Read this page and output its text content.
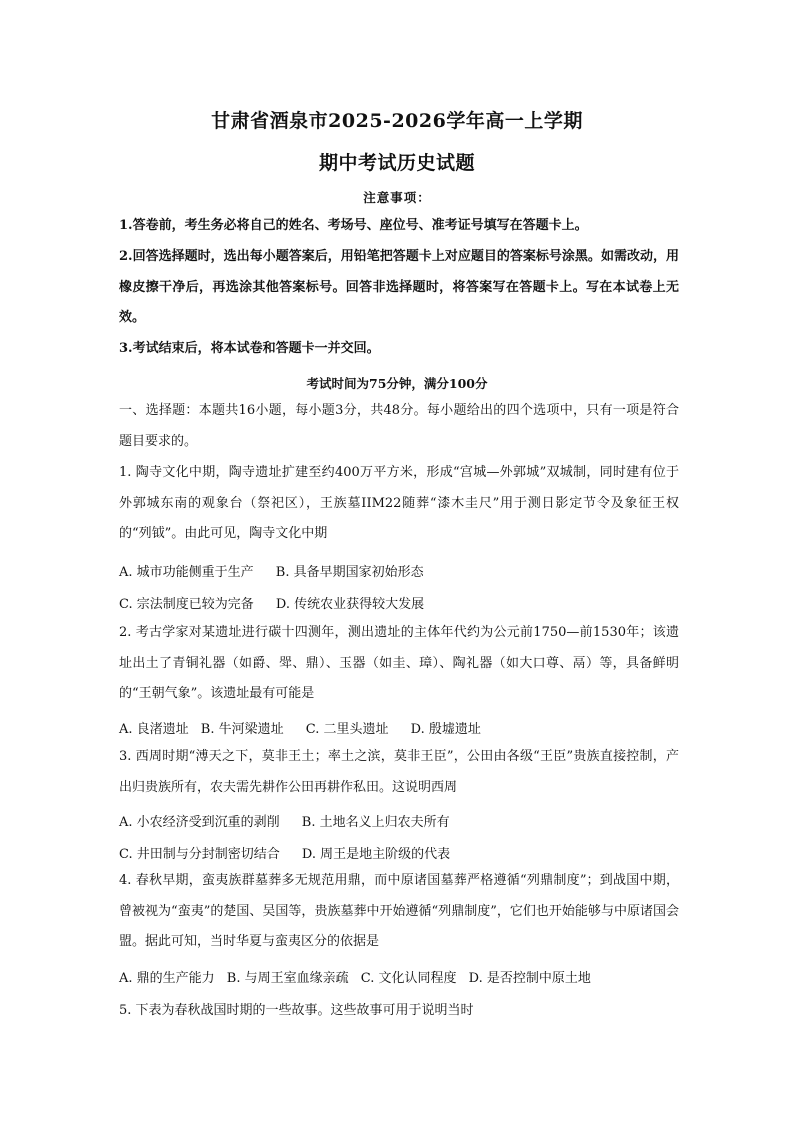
甘肃省酒泉市2025-2026学年高一上学期
期中考试历史试题
注意事项：
1.答卷前，考生务必将自己的姓名、考场号、座位号、准考证号填写在答题卡上。
2.回答选择题时，选出每小题答案后，用铅笔把答题卡上对应题目的答案标号涂黑。如需改动，用橡皮擦干净后，再选涂其他答案标号。回答非选择题时，将答案写在答题卡上。写在本试卷上无效。
3.考试结束后，将本试卷和答题卡一并交回。
考试时间为75分钟，满分100分
一、选择题：本题共16小题，每小题3分，共48分。每小题给出的四个选项中，只有一项是符合题目要求的。
1. 陶寺文化中期，陶寺遗址扩建至约400万平方米，形成“宫城—外郭城”双城制，同时建有位于外郭城东南的观象台（祭祀区），王族墓IIM22随葬“漆木圭尺”用于测日影定节令及象征王权的“列钺”。由此可见，陶寺文化中期
A. 城市功能侧重于生产 B. 具备早期国家初始形态
C. 宗法制度已较为完备 D. 传统农业获得较大发展
2. 考古学家对某遗址进行碳十四测年，测出遗址的主体年代约为公元前1750—前1530年；该遗址出土了青铜礼器（如爵、斝、鼎）、玉器（如圭、璋）、陶礼器（如大口尊、鬲）等，具备鲜明的“王朝气象”。该遗址最有可能是
A. 良渚遗址 B. 牛河梁遗址 C. 二里头遗址 D. 殷墟遗址
3. 西周时期“溥天之下，莫非王土；率土之滨，莫非王臣”，公田由各级“王臣”贵族直接控制，产出归贵族所有，农夫需先耕作公田再耕作私田。这说明西周
A. 小农经济受到沉重的剥削 B. 土地名义上归农夫所有
C. 井田制与分封制密切结合 D. 周王是地主阶级的代表
4. 春秋早期，蛮夷族群墓葬多无规范用鼎，而中原诸国墓葬严格遵循“列鼎制度”；到战国中期，曾被视为“蛮夷”的楚国、吴国等，贵族墓葬中开始遵循“列鼎制度”，它们也开始能够与中原诸国会盟。据此可知，当时华夏与蛮夷区分的依据是
A. 鼎的生产能力 B. 与周王室血缘亲疏 C. 文化认同程度 D. 是否控制中原土地
5. 下表为春秋战国时期的一些故事。这些故事可用于说明当时
